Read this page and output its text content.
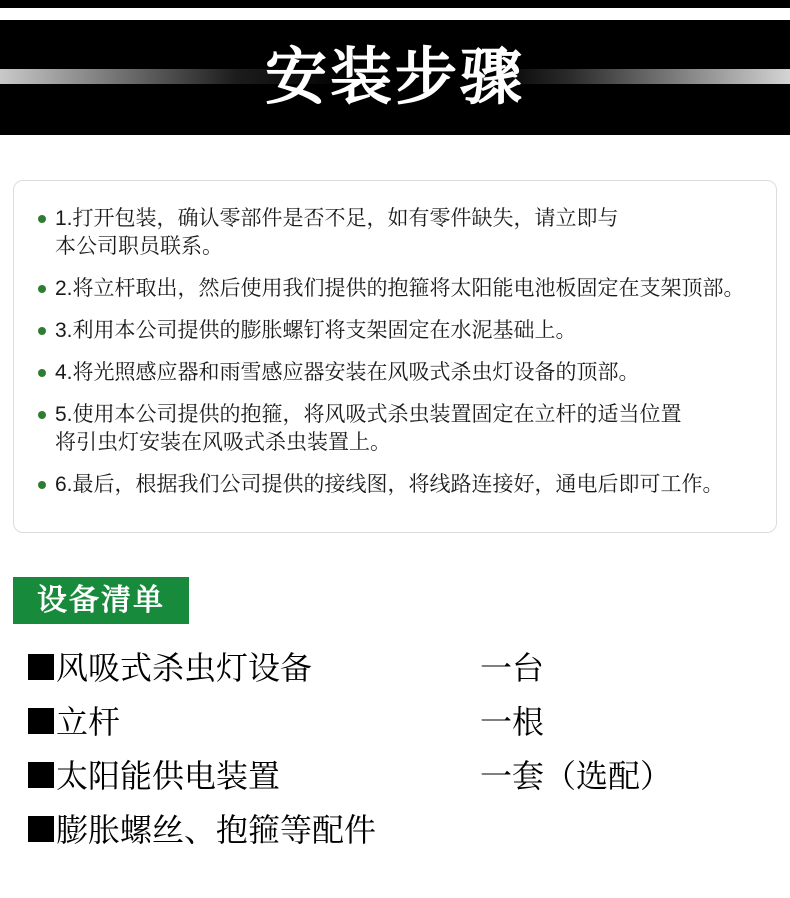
安装步骤
1.打开包装，确认零部件是否不足，如有零件缺失，请立即与
本公司职员联系。
2.将立杆取出，然后使用我们提供的抱箍将太阳能电池板固定在支架顶部。
3.利用本公司提供的膨胀螺钉将支架固定在水泥基础上。
4.将光照感应器和雨雪感应器安装在风吸式杀虫灯设备的顶部。
5.使用本公司提供的抱箍，将风吸式杀虫装置固定在立杆的适当位置
将引虫灯安装在风吸式杀虫装置上。
6.最后，根据我们公司提供的接线图，将线路连接好，通电后即可工作。
设备清单
风吸式杀虫灯设备	一台
立杆	一根
太阳能供电装置	一套（选配）
膨胀螺丝、抱箍等配件
